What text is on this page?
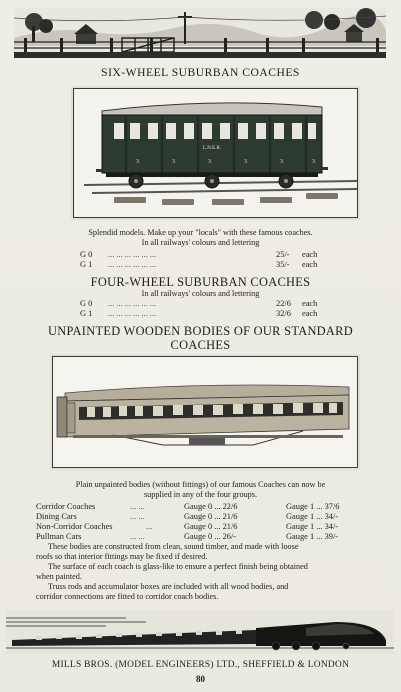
SIX-WHEEL SUBURBAN COACHES
L.N.E.R.
3	3	3	3	3	3
Splendid models. Make up your "locals" with these famous coaches.
In all railways' colours and lettering
G 0 ... ... ... ... ... ...	25/- each
G 1 ... ... ... ... ... ...	35/- each
FOUR-WHEEL SUBURBAN COACHES
In all railways' colours and lettering
G 0 ... ... ... ... ... ...	22/6 each
G 1 ... ... ... ... ... ...	32/6 each
UNPAINTED WOODEN BODIES OF OUR STANDARD
COACHES
Plain unpainted bodies (without fittings) of our famous Coaches can now be
supplied in any of the four groups.
Corridor Coaches	... ...	Gauge 0 ... 22/6	Gauge 1 ... 37/6
Dining Cars	... ...	Gauge 0 ... 21/6	Gauge 1 ... 34/-
Non-Corridor Coaches	...	Gauge 0 ... 21/6	Gauge 1 ... 34/-
Pullman Cars	... ...	Gauge 0 ... 26/-	Gauge 1 ... 39/-
These bodies are constructed from clean, sound timber, and made with loose
roofs so that interior fittings may be fixed if desired.
The surface of each coach is glass-like to ensure a perfect finish being obtained
when painted.
Truss rods and accumulator boxes are included with all wood bodies, and
corridor connections are fitted to corridor coach bodies.
MILLS BROS. (MODEL ENGINEERS) LTD., SHEFFIELD & LONDON
80
